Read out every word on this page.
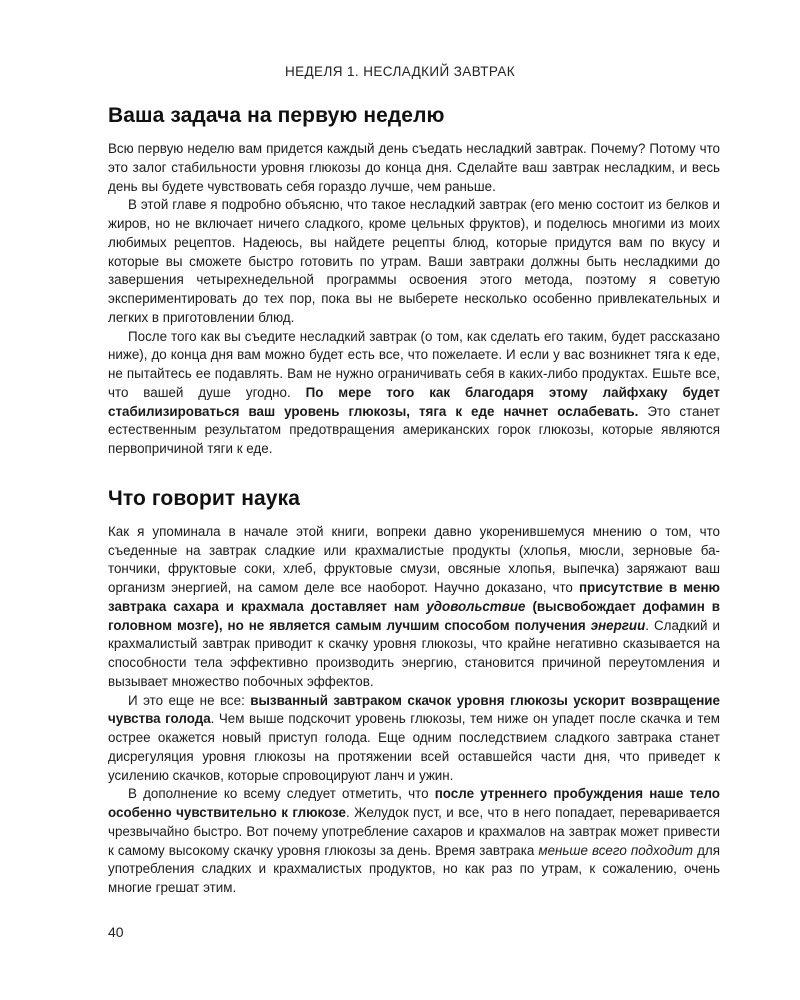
НЕДЕЛЯ 1. НЕСЛАДКИЙ ЗАВТРАК
Ваша задача на первую неделю

Всю первую неделю вам придется каждый день съедать несладкий завтрак. Почему? Потому что это залог стабильности уровня глюкозы до конца дня. Сделайте ваш завтрак несладким, и весь день вы будете чувствовать себя гораздо лучше, чем раньше.

В этой главе я подробно объясню, что такое несладкий завтрак (его меню состоит из белков и жиров, но не включает ничего сладкого, кроме цельных фруктов), и поделюсь многими из моих любимых рецептов. Надеюсь, вы найдете рецепты блюд, которые придутся вам по вкусу и которые вы сможете быстро готовить по утрам. Ваши завтраки должны быть несладкими до завершения четырехнедельной программы освоения этого метода, поэтому я советую экспериментировать до тех пор, пока вы не выберете несколько особенно привлекательных и легких в приготовлении блюд.

После того как вы съедите несладкий завтрак (о том, как сделать его таким, будет рассказано ниже), до конца дня вам можно будет есть все, что пожелаете. И если у вас возникнет тяга к еде, не пытайтесь ее подавлять. Вам не нужно ограничивать себя в каких-либо продуктах. Ешьте все, что вашей душе угодно. По мере того как благодаря этому лайфхаку будет стабилизироваться ваш уровень глюкозы, тяга к еде начнет ослабевать. Это станет естественным результатом предотвращения американских горок глюкозы, которые являются первопричиной тяги к еде.

Что говорит наука

Как я упоминала в начале этой книги, вопреки давно укоренившемуся мнению о том, что съеденные на завтрак сладкие или крахмалистые продукты (хлопья, мюсли, зерновые батончики, фруктовые соки, хлеб, фруктовые смузи, овсяные хлопья, выпечка) заряжают ваш организм энергией, на самом деле все наоборот. Научно доказано, что присутствие в меню завтрака сахара и крахмала доставляет нам удовольствие (высвобождает дофамин в головном мозге), но не является самым лучшим способом получения энергии. Сладкий и крахмалистый завтрак приводит к скачку уровня глюкозы, что крайне негативно сказывается на способности тела эффективно производить энергию, становится причиной переутомления и вызывает множество побочных эффектов.

И это еще не все: вызванный завтраком скачок уровня глюкозы ускорит возвращение чувства голода. Чем выше подскочит уровень глюкозы, тем ниже он упадет после скачка и тем острее окажется новый приступ голода. Еще одним последствием сладкого завтрака станет дисрегуляция уровня глюкозы на протяжении всей оставшейся части дня, что приведет к усилению скачков, которые спровоцируют ланч и ужин.

В дополнение ко всему следует отметить, что после утреннего пробуждения наше тело особенно чувствительно к глюкозе. Желудок пуст, и все, что в него попадает, переваривается чрезвычайно быстро. Вот почему употребление сахаров и крахмалов на завтрак может привести к самому высокому скачку уровня глюкозы за день. Время завтрака меньше всего подходит для употребления сладких и крахмалистых продуктов, но как раз по утрам, к сожалению, очень многие грешат этим.

40
